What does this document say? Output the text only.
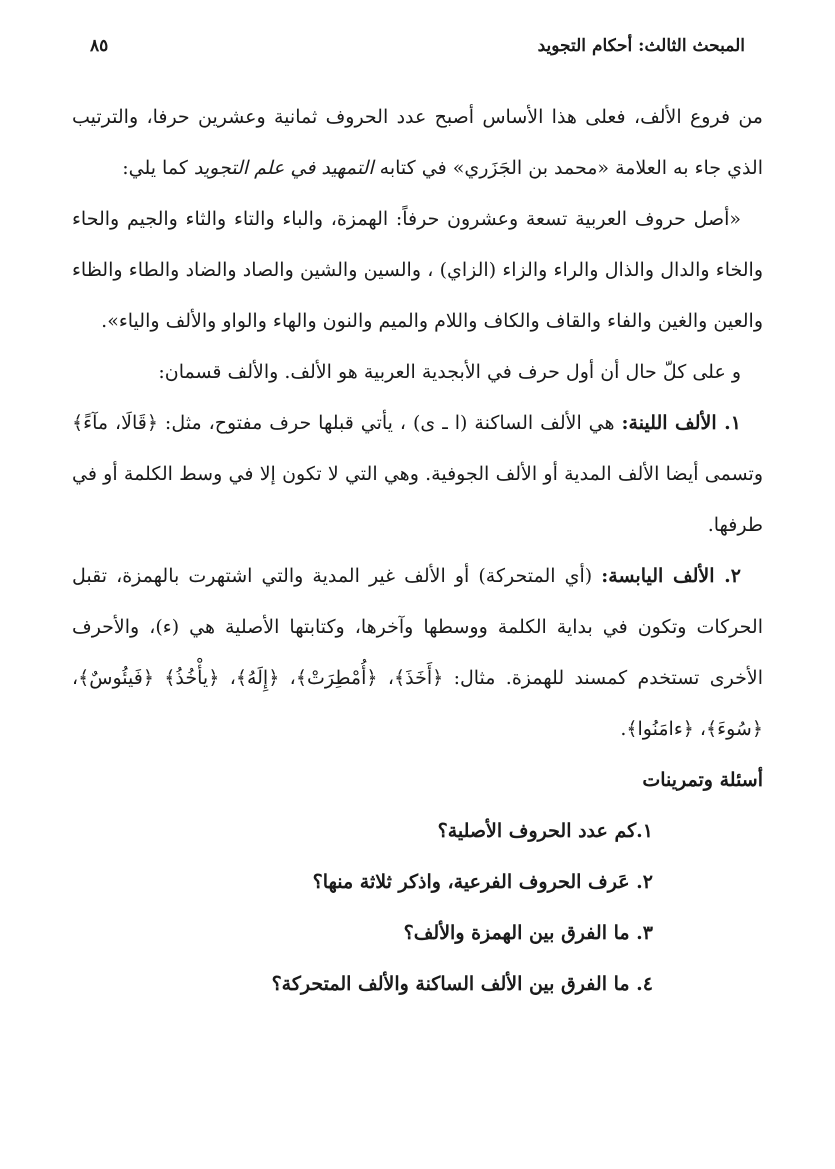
المبحث الثالث: أحكام التجويد
٨٥

من فروع الألف، فعلى هذا الأساس أصبح عدد الحروف ثمانية وعشرين حرفا، والترتيب الذي جاء به العلامة «محمد بن الجَزَري» في كتابه التمهيد في علم التجويد كما يلي:

«أصل حروف العربية تسعة وعشرون حرفاً: الهمزة، والباء والتاء والثاء والجيم والحاء والخاء والدال والذال والراء والزاء (الزاي) ، والسين والشين والصاد والضاد والطاء والظاء والعين والغين والفاء والقاف والكاف واللام والميم والنون والهاء والواو والألف والياء».

و على كلّ حال أن أول حرف في الأبجدية العربية هو الألف. والألف قسمان:

١. الألف اللينة: هي الألف الساكنة (ا ـ ى) ، يأتي قبلها حرف مفتوح، مثل: ﴿قَالَا، مآءً﴾ وتسمى أيضا الألف المدية أو الألف الجوفية. وهي التي لا تكون إلا في وسط الكلمة أو في طرفها.

٢. الألف اليابسة: (أي المتحركة) أو الألف غير المدية والتي اشتهرت بالهمزة، تقبل الحركات وتكون في بداية الكلمة ووسطها وآخرها، وكتابتها الأصلية هي (ء)، والأحرف الأخرى تستخدم كمسند للهمزة. مثال: ﴿أَخَذَ﴾، ﴿أُمْطِرَتْ﴾، ﴿إِلَهُ﴾، ﴿يأْخُذُ﴾ ﴿فَيئُوسٌ﴾، ﴿سُوءَ﴾، ﴿ءامَنُوا﴾.

أسئلة وتمرينات

١.كم عدد الحروف الأصلية؟

٢. عَرف الحروف الفرعية، واذكر ثلاثة منها؟

٣. ما الفرق بين الهمزة والألف؟

٤. ما الفرق بين الألف الساكنة والألف المتحركة؟
